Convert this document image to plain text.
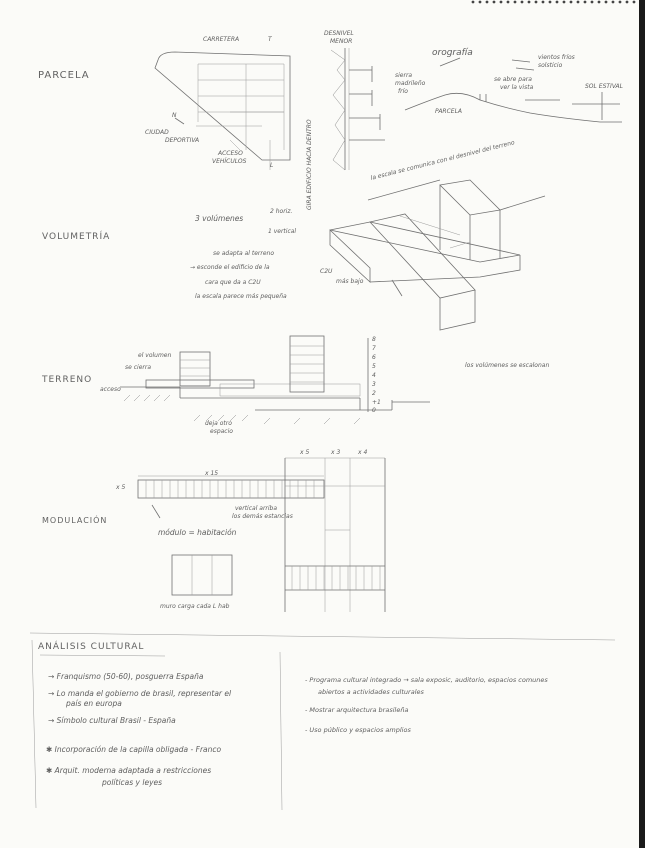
PARCELA
VOLUMETRÍA
TERRENO
MODULACIÓN
ANÁLISIS CULTURAL
CARRETERA	T
N
CIUDAD
DEPORTIVA
ACCESO
VEHÍCULOS
L
DESNIVEL
MENOR
GIRA EDIFICIO HACIA DENTRO
orografía
sierra
madrileño
frío
PARCELA
se abre para
ver la vista
vientos fríos
solsticio
SOL ESTIVAL
la escala se comunica con el desnivel del terreno
3 volúmenes
2 horiz.
1 vertical
se adapta al terreno
→ esconde el edificio de la
cara que da a C2U
la escala parece más pequeña
C2U
más bajo
el volumen
se cierra
acceso
deja otro
espacio
8
7
6
5
4
3
2
+1
0
los volúmenes se escalonan
x 15
x 5
x 5	x 3	x 4
vertical arriba
los demás estancias
módulo = habitación
muro carga cada L hab
→ Franquismo (50-60), posguerra España
→ Lo manda el gobierno de brasil, representar el
país en europa
→ Símbolo cultural Brasil - España
✱ Incorporación de la capilla obligada - Franco
✱ Arquit. moderna adaptada a restricciones
políticas y leyes
- Programa cultural integrado → sala exposic, auditorio, espacios comunes
abiertos a actividades culturales
- Mostrar arquitectura brasileña
- Uso público y espacios amplios
